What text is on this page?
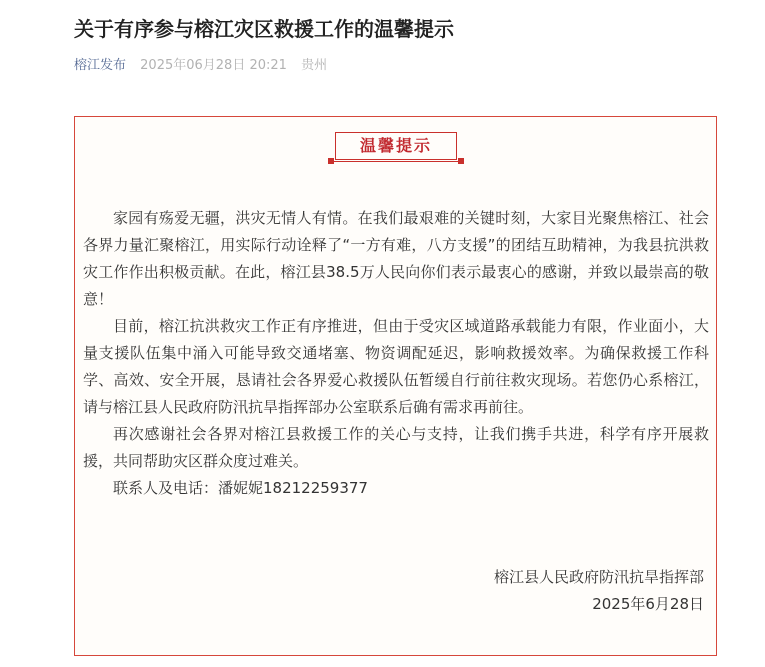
关于有序参与榕江灾区救援工作的温馨提示
榕江发布 2025年06月28日 20:21 贵州
温馨提示

家园有殇爱无疆，洪灾无情人有情。在我们最艰难的关键时刻，大家目光聚焦榕江、社会各界力量汇聚榕江，用实际行动诠释了“一方有难，八方支援”的团结互助精神，为我县抗洪救灾工作作出积极贡献。在此，榕江县38.5万人民向你们表示最衷心的感谢，并致以最崇高的敬意！

目前，榕江抗洪救灾工作正有序推进，但由于受灾区域道路承载能力有限，作业面小，大量支援队伍集中涌入可能导致交通堵塞、物资调配延迟，影响救援效率。为确保救援工作科学、高效、安全开展，恳请社会各界爱心救援队伍暂缓自行前往救灾现场。若您仍心系榕江，请与榕江县人民政府防汛抗旱指挥部办公室联系后确有需求再前往。

再次感谢社会各界对榕江县救援工作的关心与支持，让我们携手共进，科学有序开展救援，共同帮助灾区群众度过难关。

联系人及电话：潘妮妮18212259377

榕江县人民政府防汛抗旱指挥部
2025年6月28日
